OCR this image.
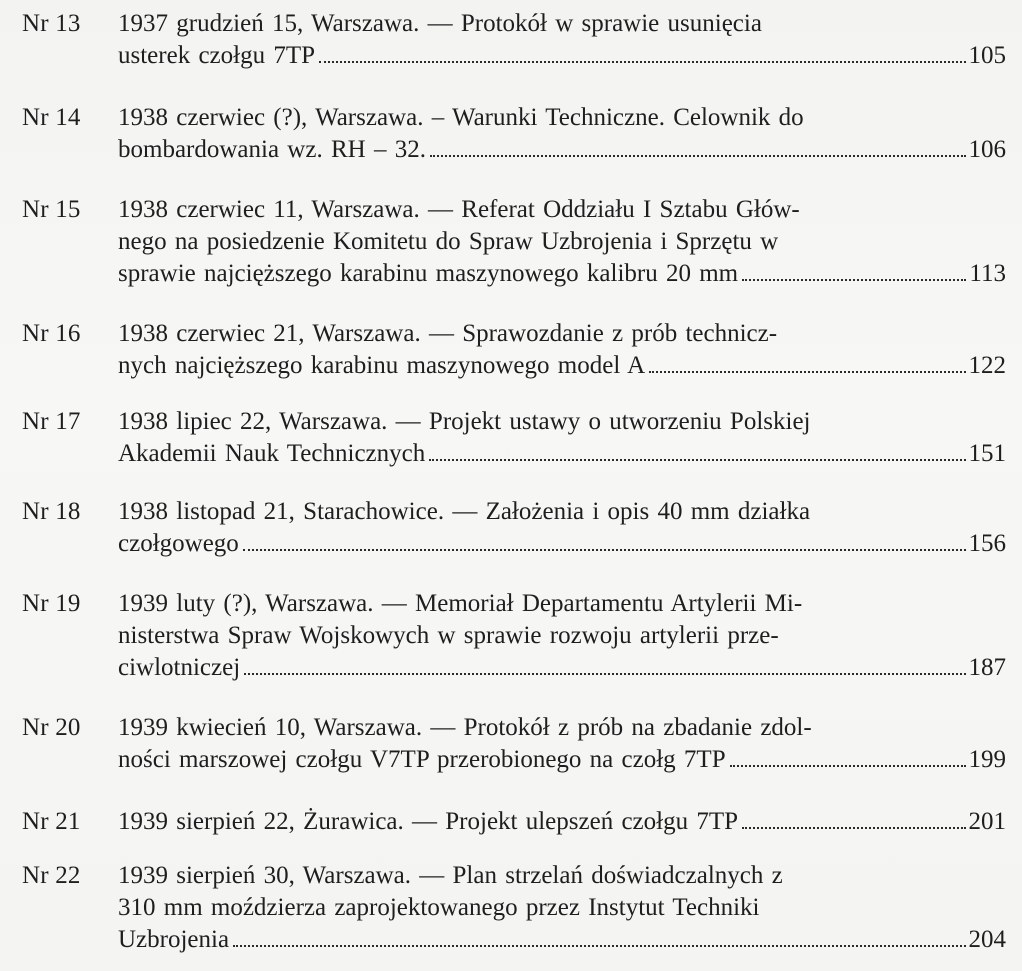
Nr 13 1937 grudzień 15, Warszawa. — Protokół w sprawie usunięcia
usterek czołgu 7TP	105
Nr 14 1938 czerwiec (?), Warszawa. – Warunki Techniczne. Celownik do
bombardowania wz. RH – 32.	106
Nr 15 1938 czerwiec 11, Warszawa. — Referat Oddziału I Sztabu Głów-
nego na posiedzenie Komitetu do Spraw Uzbrojenia i Sprzętu w
sprawie najcięższego karabinu maszynowego kalibru 20 mm	113
Nr 16 1938 czerwiec 21, Warszawa. — Sprawozdanie z prób technicz-
nych najcięższego karabinu maszynowego model A	122
Nr 17 1938 lipiec 22, Warszawa. — Projekt ustawy o utworzeniu Polskiej
Akademii Nauk Technicznych	151
Nr 18 1938 listopad 21, Starachowice. — Założenia i opis 40 mm działka
czołgowego	156
Nr 19 1939 luty (?), Warszawa. — Memoriał Departamentu Artylerii Mi-
nisterstwa Spraw Wojskowych w sprawie rozwoju artylerii prze-
ciwlotniczej	187
Nr 20 1939 kwiecień 10, Warszawa. — Protokół z prób na zbadanie zdol-
ności marszowej czołgu V7TP przerobionego na czołg 7TP	199
Nr 21 1939 sierpień 22, Żurawica. — Projekt ulepszeń czołgu 7TP	201
Nr 22 1939 sierpień 30, Warszawa. — Plan strzelań doświadczalnych z
310 mm moździerza zaprojektowanego przez Instytut Techniki
Uzbrojenia	204
